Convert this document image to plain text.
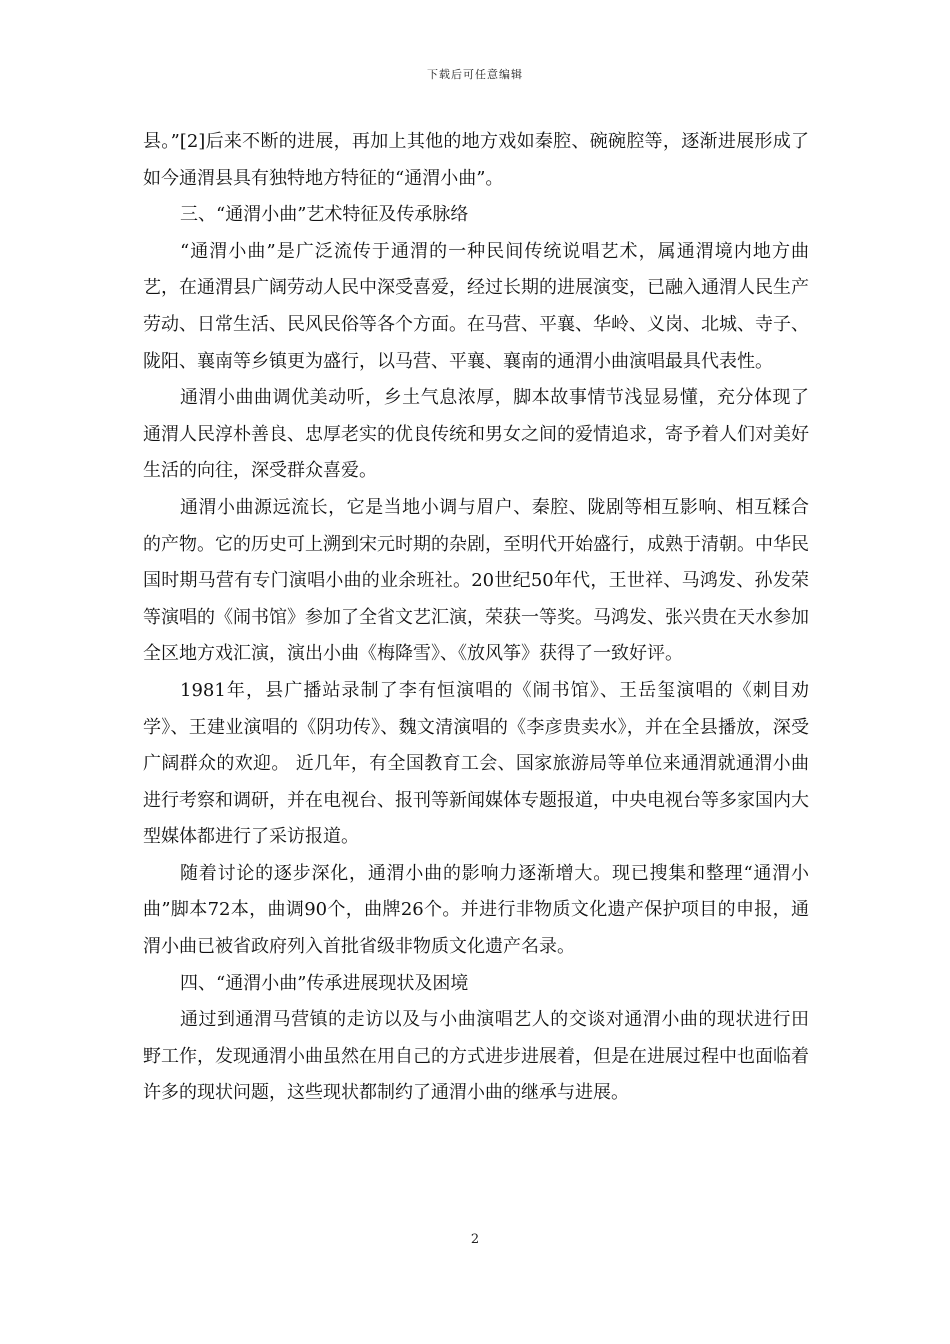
下载后可任意编辑

县。”[2]后来不断的进展，再加上其他的地方戏如秦腔、碗碗腔等，逐渐进展形成了如今通渭县具有独特地方特征的“通渭小曲”。

三、“通渭小曲”艺术特征及传承脉络

“通渭小曲”是广泛流传于通渭的一种民间传统说唱艺术，属通渭境内地方曲艺，在通渭县广阔劳动人民中深受喜爱，经过长期的进展演变，已融入通渭人民生产劳动、日常生活、民风民俗等各个方面。在马营、平襄、华岭、义岗、北城、寺子、陇阳、襄南等乡镇更为盛行，以马营、平襄、襄南的通渭小曲演唱最具代表性。

通渭小曲曲调优美动听，乡土气息浓厚，脚本故事情节浅显易懂，充分体现了通渭人民淳朴善良、忠厚老实的优良传统和男女之间的爱情追求，寄予着人们对美好生活的向往，深受群众喜爱。

通渭小曲源远流长，它是当地小调与眉户、秦腔、陇剧等相互影响、相互糅合的产物。它的历史可上溯到宋元时期的杂剧，至明代开始盛行，成熟于清朝。中华民国时期马营有专门演唱小曲的业余班社。20世纪50年代，王世祥、马鸿发、孙发荣等演唱的《闹书馆》参加了全省文艺汇演，荣获一等奖。马鸿发、张兴贵在天水参加全区地方戏汇演，演出小曲《梅降雪》、《放风筝》获得了一致好评。

1981年，县广播站录制了李有恒演唱的《闹书馆》、王岳玺演唱的《刺目劝学》、王建业演唱的《阴功传》、魏文清演唱的《李彦贵卖水》，并在全县播放，深受广阔群众的欢迎。 近几年，有全国教育工会、国家旅游局等单位来通渭就通渭小曲进行考察和调研，并在电视台、报刊等新闻媒体专题报道，中央电视台等多家国内大型媒体都进行了采访报道。

随着讨论的逐步深化，通渭小曲的影响力逐渐增大。现已搜集和整理“通渭小曲”脚本72本，曲调90个，曲牌26个。并进行非物质文化遗产保护项目的申报，通渭小曲已被省政府列入首批省级非物质文化遗产名录。

四、“通渭小曲”传承进展现状及困境

通过到通渭马营镇的走访以及与小曲演唱艺人的交谈对通渭小曲的现状进行田野工作，发现通渭小曲虽然在用自己的方式进步进展着，但是在进展过程中也面临着许多的现状问题，这些现状都制约了通渭小曲的继承与进展。

2
